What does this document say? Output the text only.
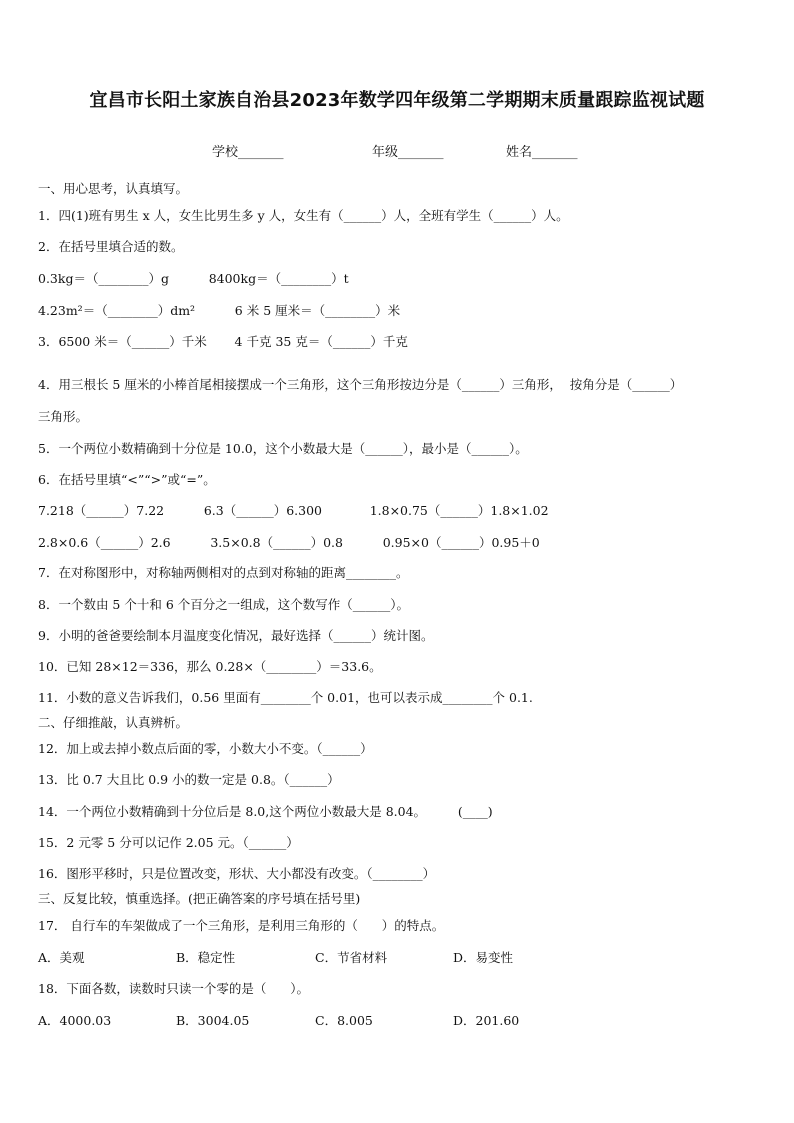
宜昌市长阳土家族自治县2023年数学四年级第二学期期末质量跟踪监视试题
学校_______	年级_______	姓名_______
一、用心思考，认真填写。
1．四(1)班有男生 x 人，女生比男生多 y 人，女生有（______）人，全班有学生（______）人。
2．在括号里填合适的数。
0.3kg＝（________）g          8400kg＝（________）t
4.23m²＝（________）dm²          6 米 5 厘米＝（________）米
3．6500 米＝（______）千米       4 千克 35 克＝（______）千克
4．用三根长 5 厘米的小棒首尾相接摆成一个三角形，这个三角形按边分是（______）三角形，  按角分是（______）
三角形。
5．一个两位小数精确到十分位是 10.0，这个小数最大是（______），最小是（______）。
6．在括号里填“<”“>”或“=”。
7.218（______）7.22          6.3（______）6.300            1.8×0.75（______）1.8×1.02
2.8×0.6（______）2.6          3.5×0.8（______）0.8          0.95×0（______）0.95＋0
7．在对称图形中，对称轴两侧相对的点到对称轴的距离________。
8．一个数由 5 个十和 6 个百分之一组成，这个数写作（______）。
9．小明的爸爸要绘制本月温度变化情况，最好选择（______）统计图。
10．已知 28×12＝336，那么 0.28×（________）＝33.6。
11．小数的意义告诉我们，0.56 里面有________个 0.01，也可以表示成________个 0.1.
二、仔细推敲，认真辨析。
12．加上或去掉小数点后面的零，小数大小不变。（______）
13．比 0.7 大且比 0.9 小的数一定是 0.8。（______）
14．一个两位小数精确到十分位后是 8.0,这个两位小数最大是 8.04。        (____)
15．2 元零 5 分可以记作 2.05 元。（______）
16．图形平移时，只是位置改变，形状、大小都没有改变。（________）
三、反复比较，慎重选择。(把正确答案的序号填在括号里)
17． 自行车的车架做成了一个三角形，是利用三角形的（      ）的特点。
A．美观	B．稳定性	C．节省材料	D．易变性
18．下面各数，读数时只读一个零的是（      ）。
A．4000.03	B．3004.05	C．8.005	D．201.60
